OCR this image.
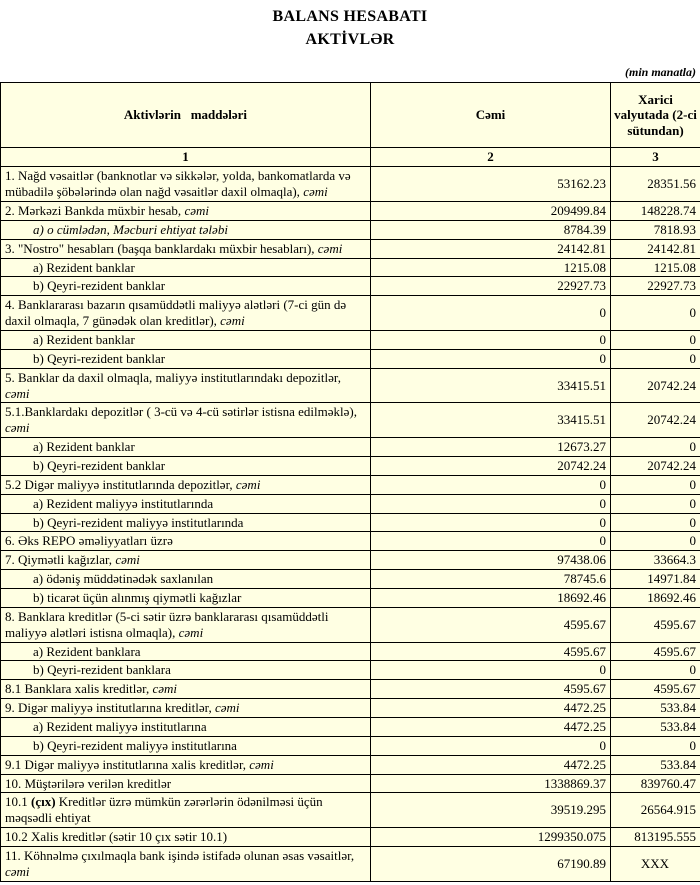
BALANS HESABATI
AKTİVLƏR
(min manatla)
Aktivlərin maddələri	Cəmi	Xarici valyutada (2-ci sütundan)
1	2	3
1. Nağd vəsaitlər (banknotlar və sikkələr, yolda, bankomatlarda və mübadilə şöbələrində olan nağd vəsaitlər daxil olmaqla), cəmi	53162.23	28351.56
2. Mərkəzi Bankda müxbir hesab, cəmi	209499.84	148228.74
a) o cümlədən, Məcburi ehtiyat tələbi	8784.39	7818.93
3. "Nostro" hesabları (başqa banklardakı müxbir hesabları), cəmi	24142.81	24142.81
a) Rezident banklar	1215.08	1215.08
b) Qeyri-rezident banklar	22927.73	22927.73
4. Banklararası bazarın qısamüddətli maliyyə alətləri (7-ci gün də daxil olmaqla, 7 günədək olan kreditlər), cəmi	0	0
a) Rezident banklar	0	0
b) Qeyri-rezident banklar	0	0
5. Banklar da daxil olmaqla, maliyyə institutlarındakı depozitlər, cəmi	33415.51	20742.24
5.1.Banklardakı depozitlər ( 3-cü və 4-cü sətirlər istisna edilməklə), cəmi	33415.51	20742.24
a) Rezident banklar	12673.27	0
b) Qeyri-rezident banklar	20742.24	20742.24
5.2 Digər maliyyə institutlarında depozitlər, cəmi	0	0
a) Rezident maliyyə institutlarında	0	0
b) Qeyri-rezident maliyyə institutlarında	0	0
6. Əks REPO əməliyyatları üzrə	0	0
7. Qiymətli kağızlar, cəmi	97438.06	33664.3
a) ödəniş müddətinədək saxlanılan	78745.6	14971.84
b) ticarət üçün alınmış qiymətli kağızlar	18692.46	18692.46
8. Banklara kreditlər (5-ci sətir üzrə banklararası qısamüddətli maliyyə alətləri istisna olmaqla), cəmi	4595.67	4595.67
a) Rezident banklara	4595.67	4595.67
b) Qeyri-rezident banklara	0	0
8.1 Banklara xalis kreditlər, cəmi	4595.67	4595.67
9. Digər maliyyə institutlarına kreditlər, cəmi	4472.25	533.84
a) Rezident maliyyə institutlarına	4472.25	533.84
b) Qeyri-rezident maliyyə institutlarına	0	0
9.1 Digər maliyyə institutlarına xalis kreditlər, cəmi	4472.25	533.84
10. Müştərilərə verilən kreditlər	1338869.37	839760.47
10.1 (çıx) Kreditlər üzrə mümkün zərərlərin ödənilməsi üçün məqsədli ehtiyat	39519.295	26564.915
10.2 Xalis kreditlər (sətir 10 çıx sətir 10.1)	1299350.075	813195.555
11. Köhnəlmə çıxılmaqla bank işində istifadə olunan əsas vəsaitlər, cəmi	67190.89	XXX
